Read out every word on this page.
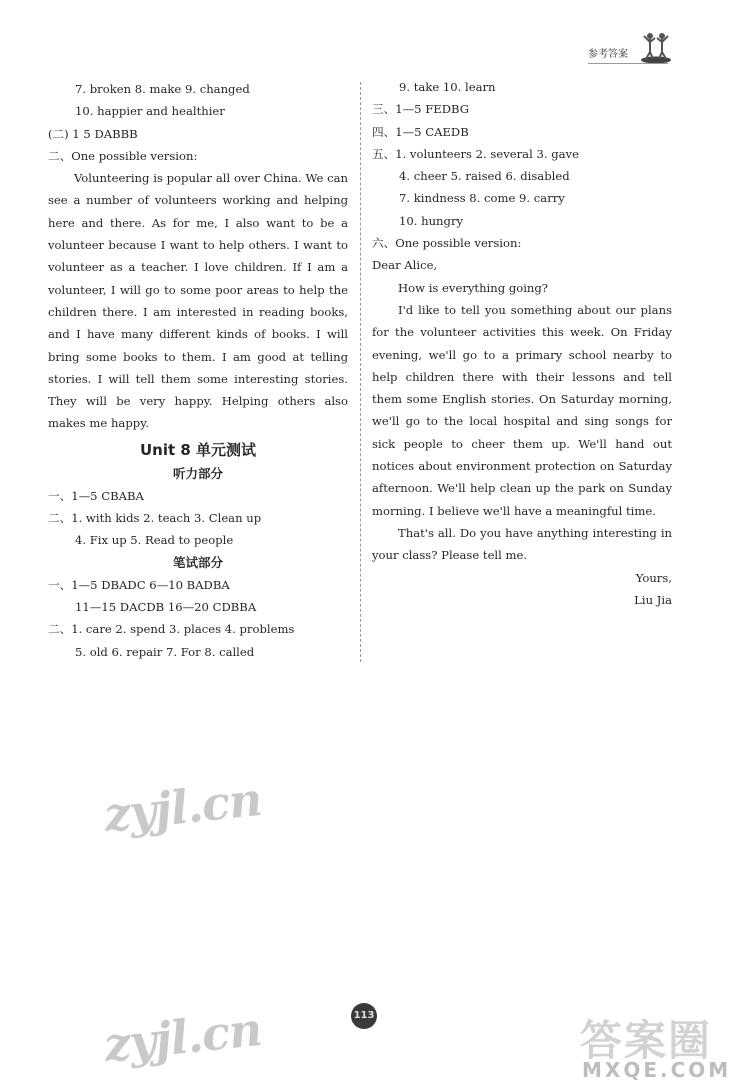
参考答案
7. broken 8. make 9. changed
10. happier and healthier
(二) 1 5 DABBB
二、One possible version:

Volunteering is popular all over China. We can see a number of volunteers working and helping here and there. As for me, I also want to be a volunteer because I want to help others. I want to volunteer as a teacher. I love children. If I am a volunteer, I will go to some poor areas to help the children there. I am interested in reading books, and I have many different kinds of books. I will bring some books to them. I am good at telling stories. I will tell them some interesting stories. They will be very happy. Helping others also makes me happy.

Unit 8 单元测试
听力部分
一、1—5 CBABA
二、1. with kids 2. teach 3. Clean up
4. Fix up 5. Read to people
笔试部分
一、1—5 DBADC 6—10 BADBA
11—15 DACDB 16—20 CDBBA
二、1. care 2. spend 3. places 4. problems
5. old 6. repair 7. For 8. called
9. take 10. learn
三、1—5 FEDBG
四、1—5 CAEDB
五、1. volunteers 2. several 3. gave
4. cheer 5. raised 6. disabled
7. kindness 8. come 9. carry
10. hungry
六、One possible version:

Dear Alice,

How is everything going?

I'd like to tell you something about our plans for the volunteer activities this week. On Friday evening, we'll go to a primary school nearby to help children there with their lessons and tell them some English stories. On Saturday morning, we'll go to the local hospital and sing songs for sick people to cheer them up. We'll hand out notices about environment protection on Saturday afternoon. We'll help clean up the park on Sunday morning. I believe we'll have a meaningful time.

That's all. Do you have anything interesting in your class? Please tell me.

Yours,
Liu Jia
zyjl.cn
zyjl.cn	答案圈
MXQE.COM
113
